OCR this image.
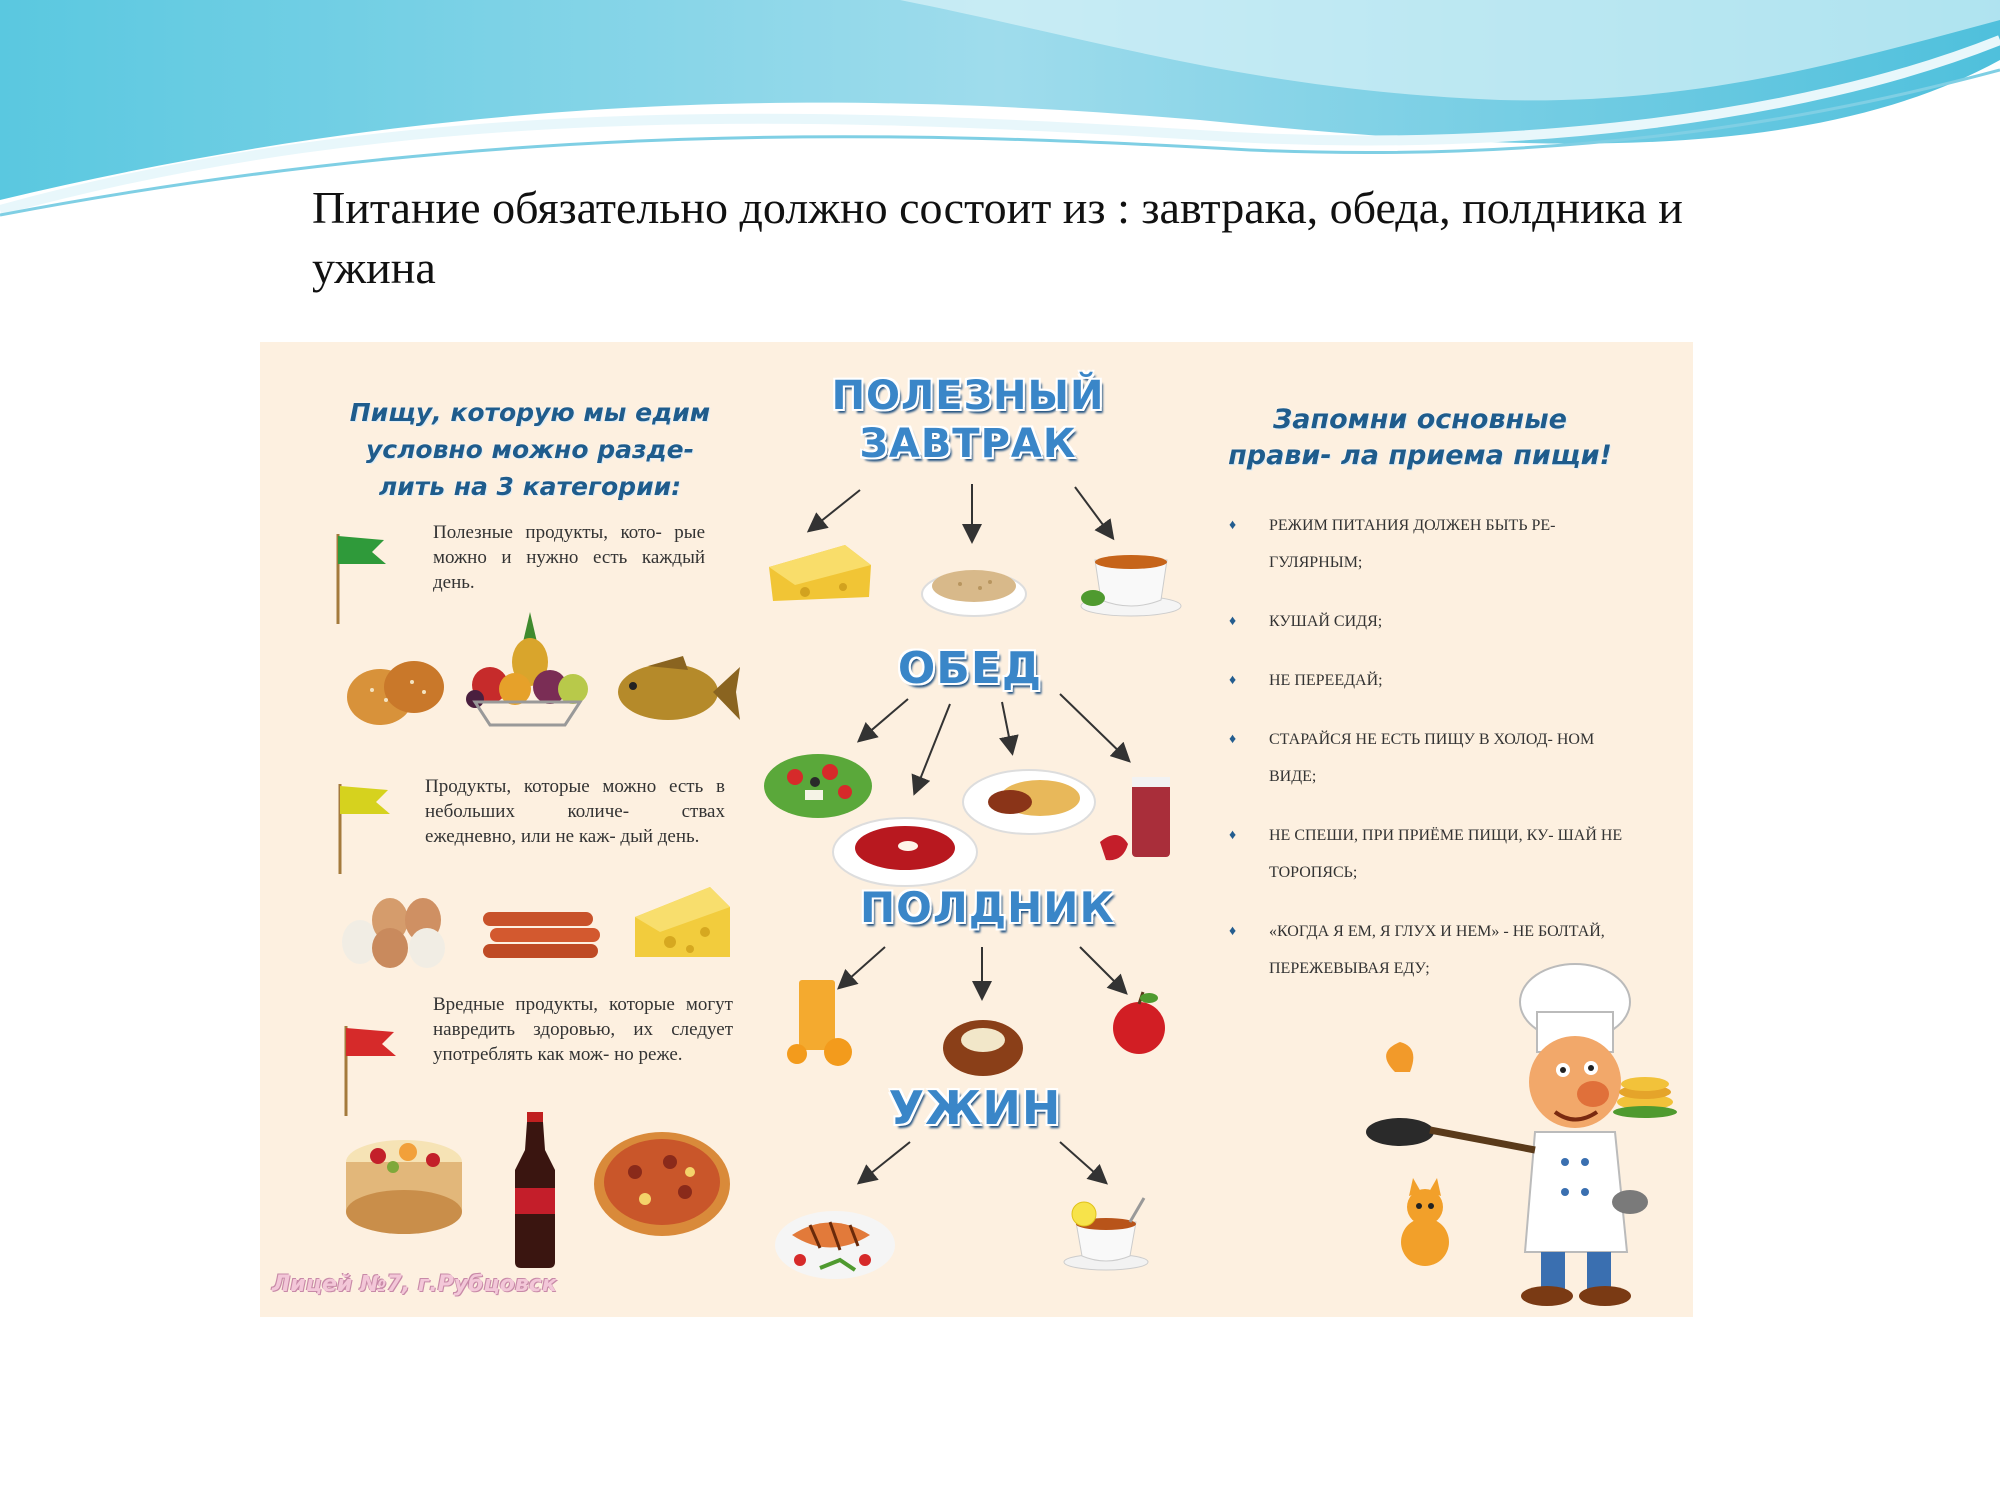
Питание обязательно должно состоит из : завтрака, обеда, полдника и ужина
Пищу, которую мы едим условно можно разде- лить на 3 категории:
Полезные продукты, кото- рые можно и нужно есть каждый день.
Продукты, которые можно есть в небольших количе- ствах ежедневно, или не каж- дый день.
Вредные продукты, которые могут навредить здоровью, их следует употреблять как мож- но реже.
ПОЛЕЗНЫЙ ЗАВТРАК
ОБЕД
ПОЛДНИК
УЖИН
Запомни основные прави- ла приема пищи!
♦ РЕЖИМ ПИТАНИЯ ДОЛЖЕН БЫТЬ РЕ- ГУЛЯРНЫМ;
♦ КУШАЙ СИДЯ;
♦ НЕ ПЕРЕЕДАЙ;
♦ СТАРАЙСЯ НЕ ЕСТЬ ПИЩУ В ХОЛОД- НОМ ВИДЕ;
♦ НЕ СПЕШИ, ПРИ ПРИЁМЕ ПИЩИ, КУ- ШАЙ НЕ ТОРОПЯСЬ;
♦ «КОГДА Я ЕМ, Я ГЛУХ И НЕМ» - НЕ БОЛТАЙ, ПЕРЕЖЕВЫВАЯ ЕДУ;
Лицей №7, г.Рубцовск
